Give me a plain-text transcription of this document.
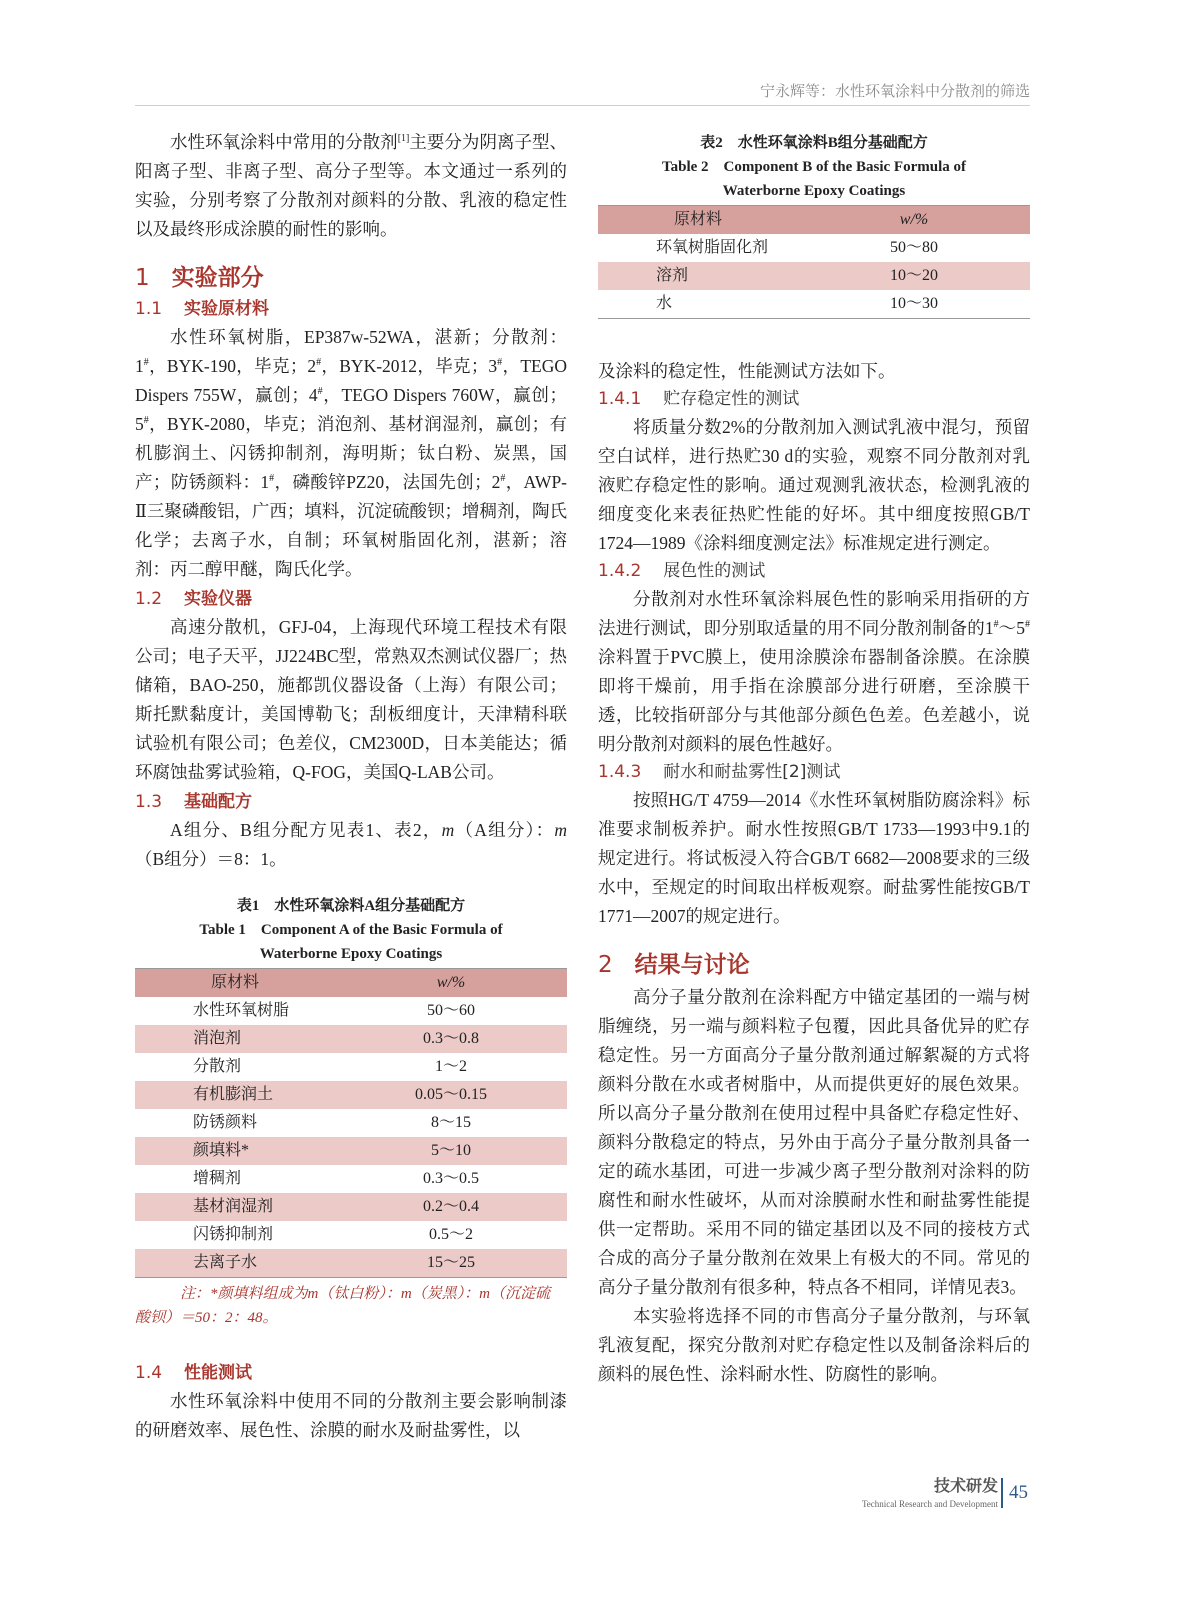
宁永辉等：水性环氧涂料中分散剂的筛选
水性环氧涂料中常用的分散剂[1]主要分为阴离子型、阳离子型、非离子型、高分子型等。本文通过一系列的实验，分别考察了分散剂对颜料的分散、乳液的稳定性以及最终形成涂膜的耐性的影响。
1 实验部分
1.1 实验原材料
水性环氧树脂，EP387w-52WA，湛新；分散剂：1#，BYK-190，毕克；2#，BYK-2012，毕克；3#，TEGO Dispers 755W，赢创；4#，TEGO Dispers 760W，赢创；5#，BYK-2080，毕克；消泡剂、基材润湿剂，赢创；有机膨润土、闪锈抑制剂，海明斯；钛白粉、炭黑，国产；防锈颜料：1#，磷酸锌PZ20，法国先创；2#，AWP-Ⅱ三聚磷酸铝，广西；填料，沉淀硫酸钡；增稠剂，陶氏化学；去离子水，自制；环氧树脂固化剂，湛新；溶剂：丙二醇甲醚，陶氏化学。
1.2 实验仪器
高速分散机，GFJ-04，上海现代环境工程技术有限公司；电子天平，JJ224BC型，常熟双杰测试仪器厂；热储箱，BAO-250，施都凯仪器设备（上海）有限公司；斯托默黏度计，美国博勒飞；刮板细度计，天津精科联试验机有限公司；色差仪，CM2300D，日本美能达；循环腐蚀盐雾试验箱，Q-FOG，美国Q-LAB公司。
1.3 基础配方
A组分、B组分配方见表1、表2，m（A组分）：m（B组分）＝8：1。
表1　水性环氧涂料A组分基础配方
Table 1　Component A of the Basic Formula of
Waterborne Epoxy Coatings
原材料	w/%
水性环氧树脂	50～60
消泡剂	0.3～0.8
分散剂	1～2
有机膨润土	0.05～0.15
防锈颜料	8～15
颜填料*	5～10
增稠剂	0.3～0.5
基材润湿剂	0.2～0.4
闪锈抑制剂	0.5～2
去离子水	15～25
注：*颜填料组成为m（钛白粉）：m（炭黑）：m（沉淀硫酸钡）＝50：2：48。
1.4 性能测试
水性环氧涂料中使用不同的分散剂主要会影响制漆的研磨效率、展色性、涂膜的耐水及耐盐雾性，以
表2　水性环氧涂料B组分基础配方
Table 2　Component B of the Basic Formula of
Waterborne Epoxy Coatings
原材料	w/%
环氧树脂固化剂	50～80
溶剂	10～20
水	10～30
及涂料的稳定性，性能测试方法如下。
1.4.1 贮存稳定性的测试
将质量分数2%的分散剂加入测试乳液中混匀，预留空白试样，进行热贮30 d的实验，观察不同分散剂对乳液贮存稳定性的影响。通过观测乳液状态，检测乳液的细度变化来表征热贮性能的好坏。其中细度按照GB/T 1724—1989《涂料细度测定法》标准规定进行测定。
1.4.2 展色性的测试
分散剂对水性环氧涂料展色性的影响采用指研的方法进行测试，即分别取适量的用不同分散剂制备的1#～5#涂料置于PVC膜上，使用涂膜涂布器制备涂膜。在涂膜即将干燥前，用手指在涂膜部分进行研磨，至涂膜干透，比较指研部分与其他部分颜色色差。色差越小，说明分散剂对颜料的展色性越好。
1.4.3 耐水和耐盐雾性[2]测试
按照HG/T 4759—2014《水性环氧树脂防腐涂料》标准要求制板养护。耐水性按照GB/T 1733—1993中9.1的规定进行。将试板浸入符合GB/T 6682—2008要求的三级水中，至规定的时间取出样板观察。耐盐雾性能按GB/T 1771—2007的规定进行。
2 结果与讨论
高分子量分散剂在涂料配方中锚定基团的一端与树脂缠绕，另一端与颜料粒子包覆，因此具备优异的贮存稳定性。另一方面高分子量分散剂通过解絮凝的方式将颜料分散在水或者树脂中，从而提供更好的展色效果。所以高分子量分散剂在使用过程中具备贮存稳定性好、颜料分散稳定的特点，另外由于高分子量分散剂具备一定的疏水基团，可进一步减少离子型分散剂对涂料的防腐性和耐水性破坏，从而对涂膜耐水性和耐盐雾性能提供一定帮助。采用不同的锚定基团以及不同的接枝方式合成的高分子量分散剂在效果上有极大的不同。常见的高分子量分散剂有很多种，特点各不相同，详情见表3。
本实验将选择不同的市售高分子量分散剂，与环氧乳液复配，探究分散剂对贮存稳定性以及制备涂料后的颜料的展色性、涂料耐水性、防腐性的影响。
技术研发
Technical Research and Development
45
